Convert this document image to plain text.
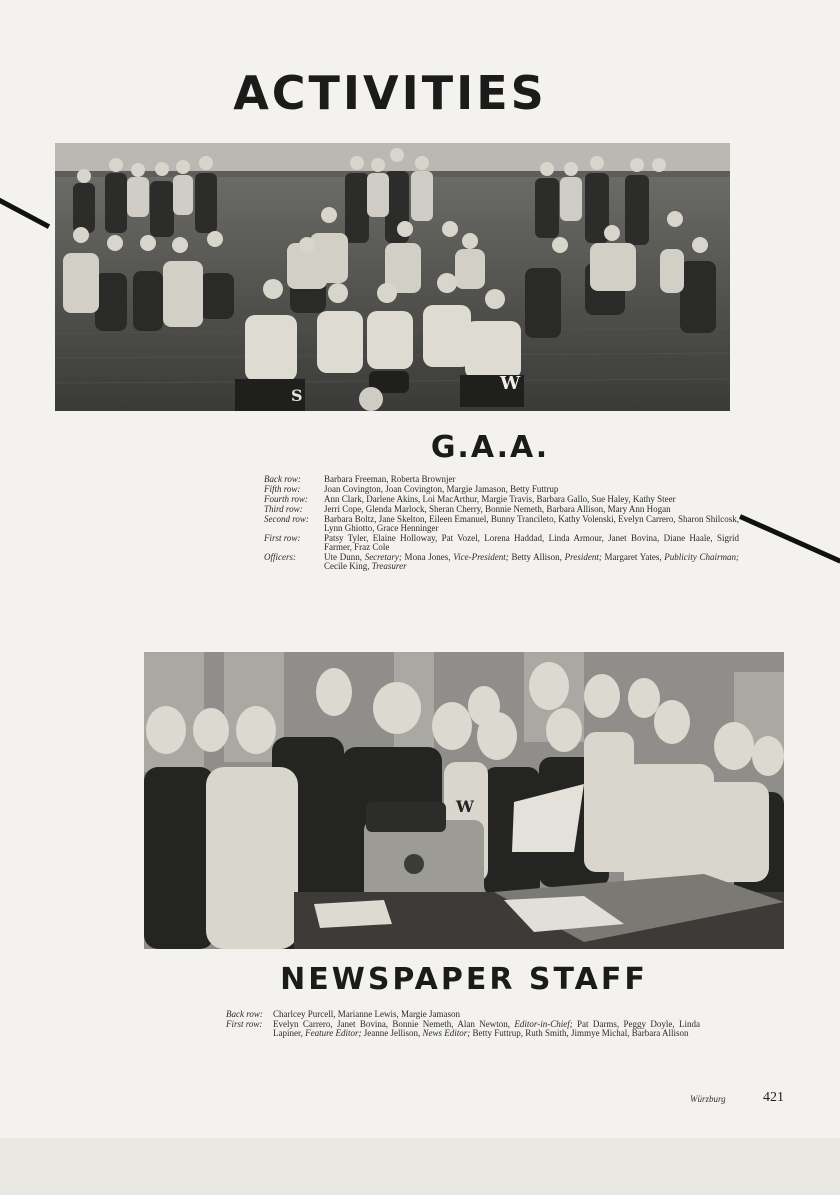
ACTIVITIES
W
S
G.A.A.
Back row:	Barbara Freeman, Roberta Brownjer
Fifth row:	Joan Covington, Joan Covington, Margie Jamason, Betty Futtrup
Fourth row:	Ann Clark, Darlene Akins, Loi MacArthur, Margie Travis, Barbara Gallo, Sue Haley, Kathy Steer
Third row:	Jerri Cope, Glenda Marlock, Sheran Cherry, Bonnie Nemeth, Barbara Allison, Mary Ann Hogan
Second row:	Barbara Boltz, Jane Skelton, Eileen Emanuel, Bunny Trancileto, Kathy Volenski, Evelyn Carrero, Sharon Shilcosk, Lynn Ghiotto, Grace Henninger
First row:	Patsy Tyler, Elaine Holloway, Pat Vozel, Lorena Haddad, Linda Armour, Janet Bovina, Diane Haale, Sigrid Farmer, Fraz Cole
Officers:	Ute Dunn, Secretary; Mona Jones, Vice-President; Betty Allison, President; Margaret Yates, Publicity Chairman; Cecile King, Treasurer
W
NEWSPAPER STAFF
Back row:	Charlcey Purcell, Marianne Lewis, Margie Jamason
First row:	Evelyn Carrero, Janet Bovina, Bonnie Nemeth, Alan Newton, Editor-in-Chief; Pat Darms, Peggy Doyle, Linda Lapiner, Feature Editor; Jeanne Jellison, News Editor; Betty Futtrup, Ruth Smith, Jimmye Michal, Barbara Allison
Würzburg	421
